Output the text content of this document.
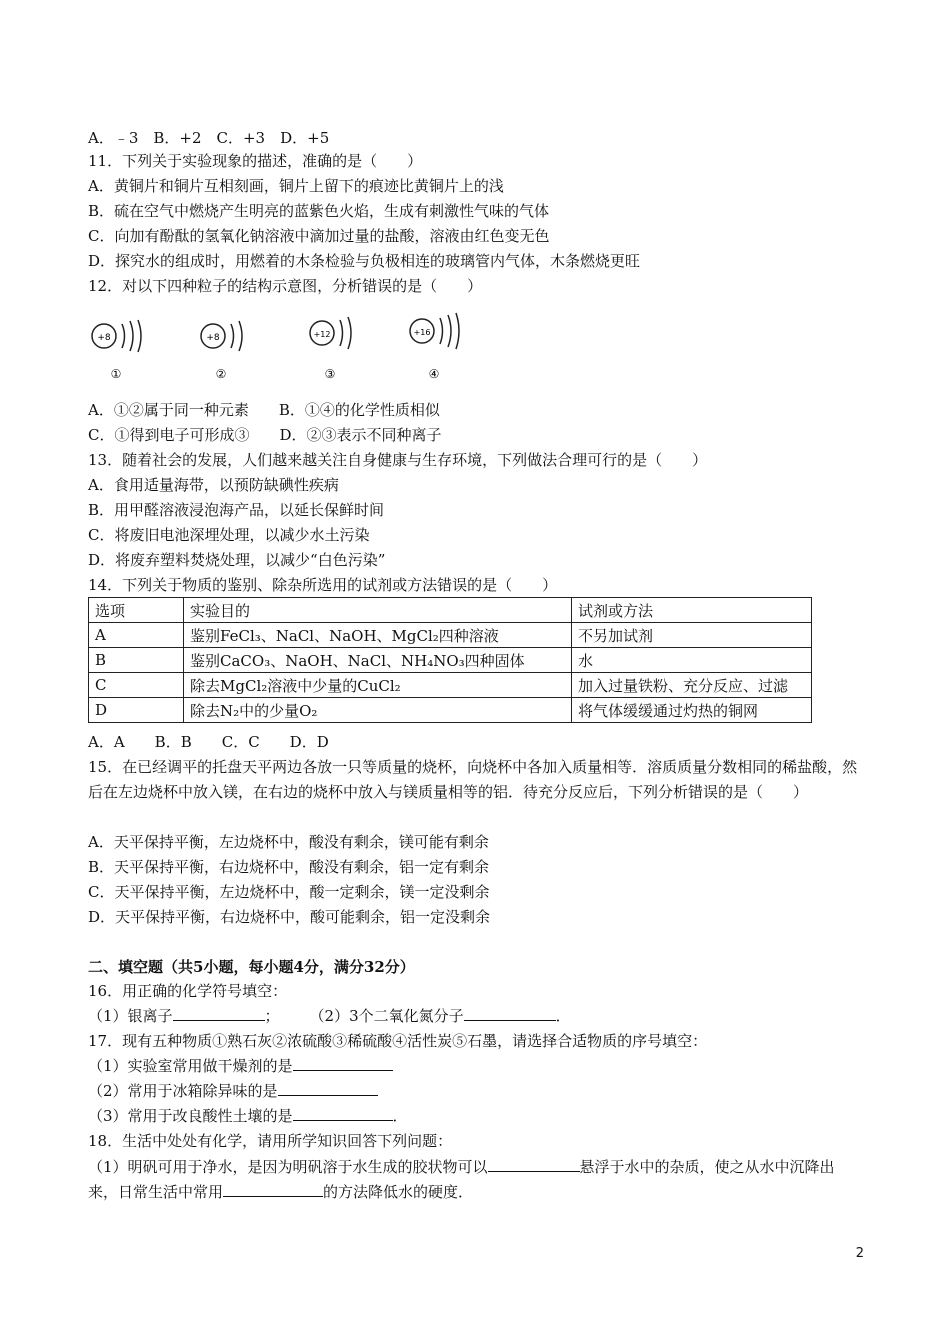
A．﹣3　B．+2　C．+3　D．+5
11．下列关于实验现象的描述，准确的是（　　）
A．黄铜片和铜片互相刻画，铜片上留下的痕迹比黄铜片上的浅
B．硫在空气中燃烧产生明亮的蓝紫色火焰，生成有刺激性气味的气体
C．向加有酚酞的氢氧化钠溶液中滴加过量的盐酸，溶液由红色变无色
D．探究水的组成时，用燃着的木条检验与负极相连的玻璃管内气体，木条燃烧更旺
12．对以下四种粒子的结构示意图，分析错误的是（　　）
+8
①
+8
②
+12
③
+16
④
A．①②属于同一种元素　　B．①④的化学性质相似
C．①得到电子可形成③　　D．②③表示不同种离子
13．随着社会的发展，人们越来越关注自身健康与生存环境，下列做法合理可行的是（　　）
A．食用适量海带，以预防缺碘性疾病
B．用甲醛溶液浸泡海产品，以延长保鲜时间
C．将废旧电池深埋处理，以减少水土污染
D．将废弃塑料焚烧处理，以减少“白色污染”
14．下列关于物质的鉴别、除杂所选用的试剂或方法错误的是（　　）
选项	实验目的	试剂或方法
A	鉴别FeCl₃、NaCl、NaOH、MgCl₂四种溶液	不另加试剂
B	鉴别CaCO₃、NaOH、NaCl、NH₄NO₃四种固体	水
C	除去MgCl₂溶液中少量的CuCl₂	加入过量铁粉、充分反应、过滤
D	除去N₂中的少量O₂	将气体缓缓通过灼热的铜网
A．A　　B．B　　C．C　　D．D
15．在已经调平的托盘天平两边各放一只等质量的烧杯，向烧杯中各加入质量相等．溶质质量分数相同的稀盐酸，然后在左边烧杯中放入镁，在右边的烧杯中放入与镁质量相等的铝．待充分反应后，下列分析错误的是（　　）
A．天平保持平衡，左边烧杯中，酸没有剩余，镁可能有剩余
B．天平保持平衡，右边烧杯中，酸没有剩余，铝一定有剩余
C．天平保持平衡，左边烧杯中，酸一定剩余，镁一定没剩余
D．天平保持平衡，右边烧杯中，酸可能剩余，铝一定没剩余
二、填空题（共5小题，每小题4分，满分32分）
16．用正确的化学符号填空：
（1）银离子	；　　　（2）3个二氧化氮分子	．
17．现有五种物质①熟石灰②浓硫酸③稀硫酸④活性炭⑤石墨，请选择合适物质的序号填空：
（1）实验室常用做干燥剂的是
（2）常用于冰箱除异味的是
（3）常用于改良酸性土壤的是	．
18．生活中处处有化学，请用所学知识回答下列问题：
（1）明矾可用于净水，是因为明矾溶于水生成的胶状物可以	悬浮于水中的杂质，使之从水中沉降出来，日常生活中常用	的方法降低水的硬度．
2
